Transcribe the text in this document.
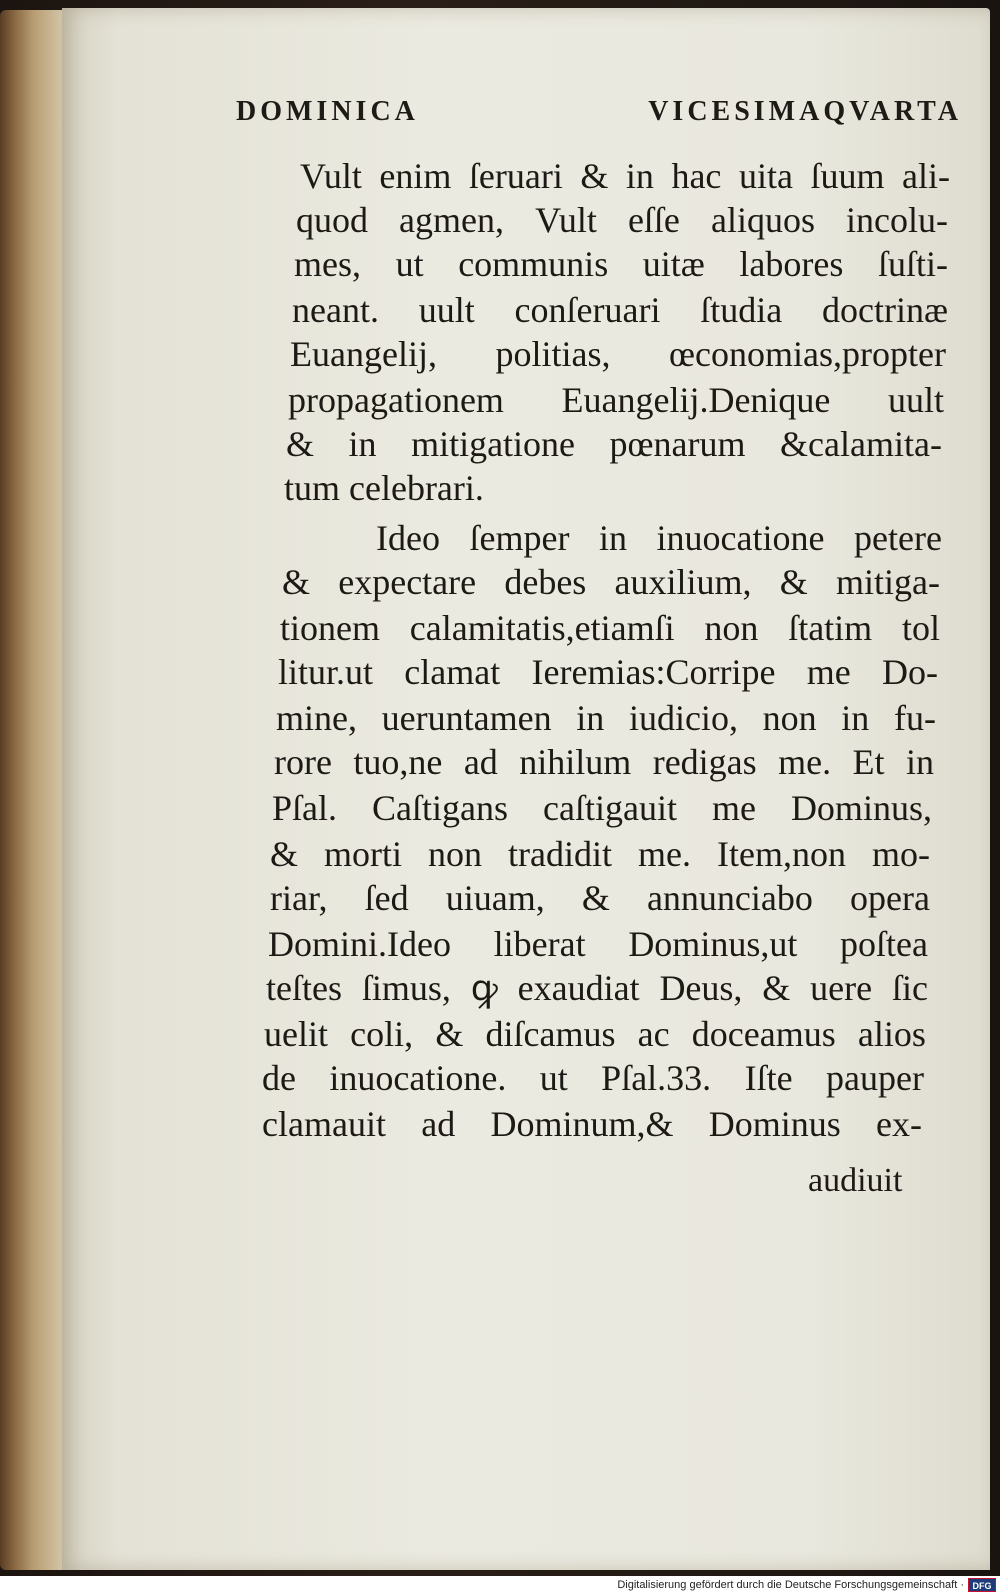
DOMINICA	VICESIMAQVARTA
Vult enim ſeruari & in hac uita ſuum ali-
quod agmen, Vult eſſe aliquos incolu-
mes, ut communis uitæ labores ſuſti-
neant. uult conſeruari ſtudia doctrinæ
Euangelij, politias, œconomias,propter
propagationem Euangelij.Denique uult
& in mitigatione pœnarum &calamita-
tum celebrari.
Ideo ſemper in inuocatione petere
& expectare debes auxilium, & mitiga-
tionem calamitatis,etiamſi non ſtatim tol
litur.ut clamat Ieremias:Corripe me Do-
mine, ueruntamen in iudicio, non in fu-
rore tuo,ne ad nihilum redigas me. Et in
Pſal. Caſtigans caſtigauit me Dominus,
& morti non tradidit me. Item,non mo-
riar, ſed uiuam, & annunciabo opera
Domini.Ideo liberat Dominus,ut poſtea
teſtes ſimus, ꝙ exaudiat Deus, & uere ſic
uelit coli, & diſcamus ac doceamus alios
de inuocatione. ut Pſal.33. Iſte pauper
clamauit ad Dominum,& Dominus ex-
audiuit
Digitalisierung gefördert durch die Deutsche Forschungsgemeinschaft · DFG
